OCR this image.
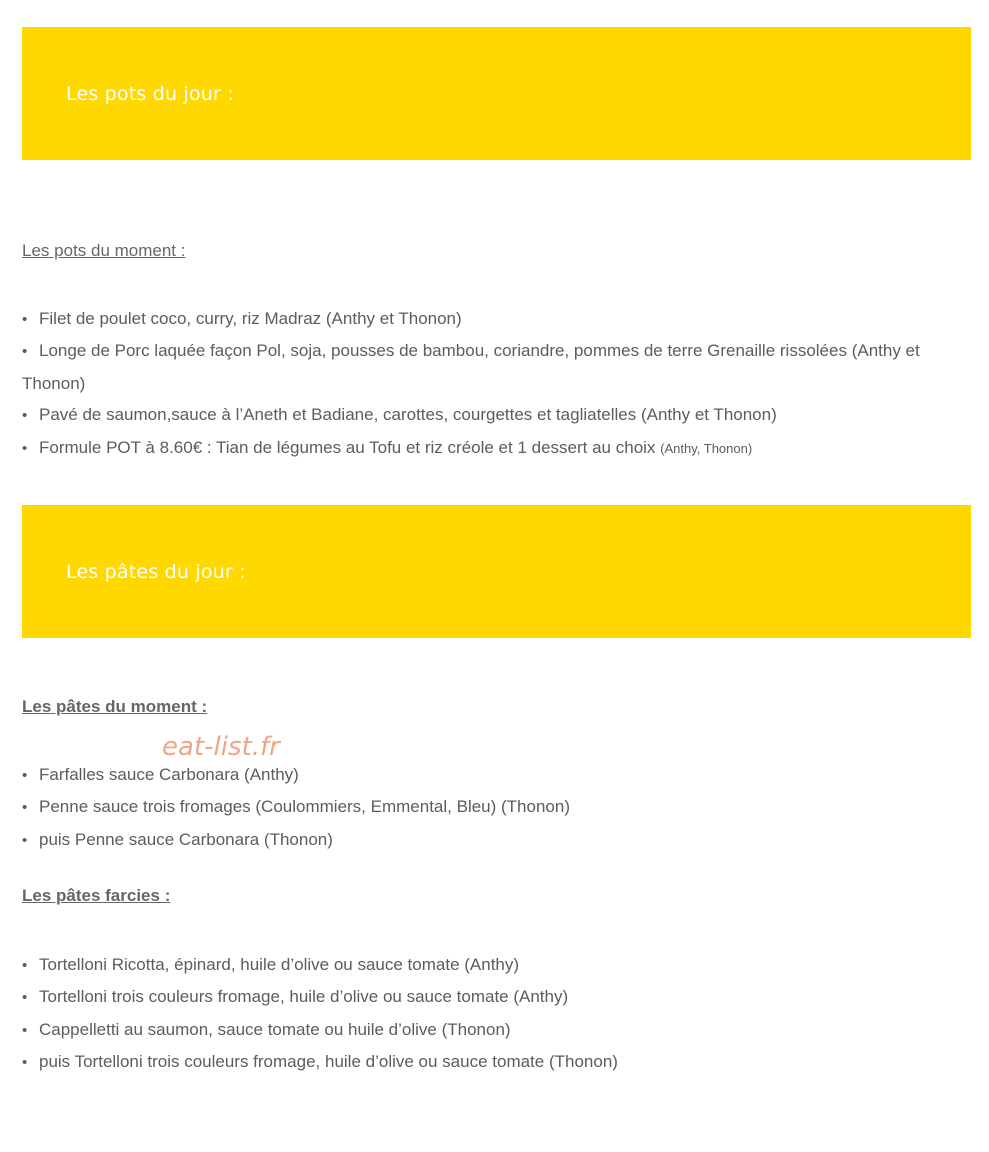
Les pots du jour :
Les pots du moment :
• Filet de poulet coco, curry, riz Madraz (Anthy et Thonon)
• Longe de Porc laquée façon Pol, soja, pousses de bambou, coriandre, pommes de terre Grenaille rissolées (Anthy et Thonon)
• Pavé de saumon,sauce à l’Aneth et Badiane, carottes, courgettes et tagliatelles (Anthy et Thonon)
• Formule POT à 8.60€ : Tian de légumes au Tofu et riz créole et 1 dessert au choix (Anthy, Thonon)
Les pâtes du jour :
Les pâtes du moment :
eat-list.fr
• Farfalles sauce Carbonara (Anthy)
• Penne sauce trois fromages (Coulommiers, Emmental, Bleu) (Thonon)
• puis Penne sauce Carbonara (Thonon)
Les pâtes farcies :
• Tortelloni Ricotta, épinard, huile d’olive ou sauce tomate (Anthy)
• Tortelloni trois couleurs fromage, huile d’olive ou sauce tomate (Anthy)
• Cappelletti au saumon, sauce tomate ou huile d’olive (Thonon)
• puis Tortelloni trois couleurs fromage, huile d’olive ou sauce tomate (Thonon)
